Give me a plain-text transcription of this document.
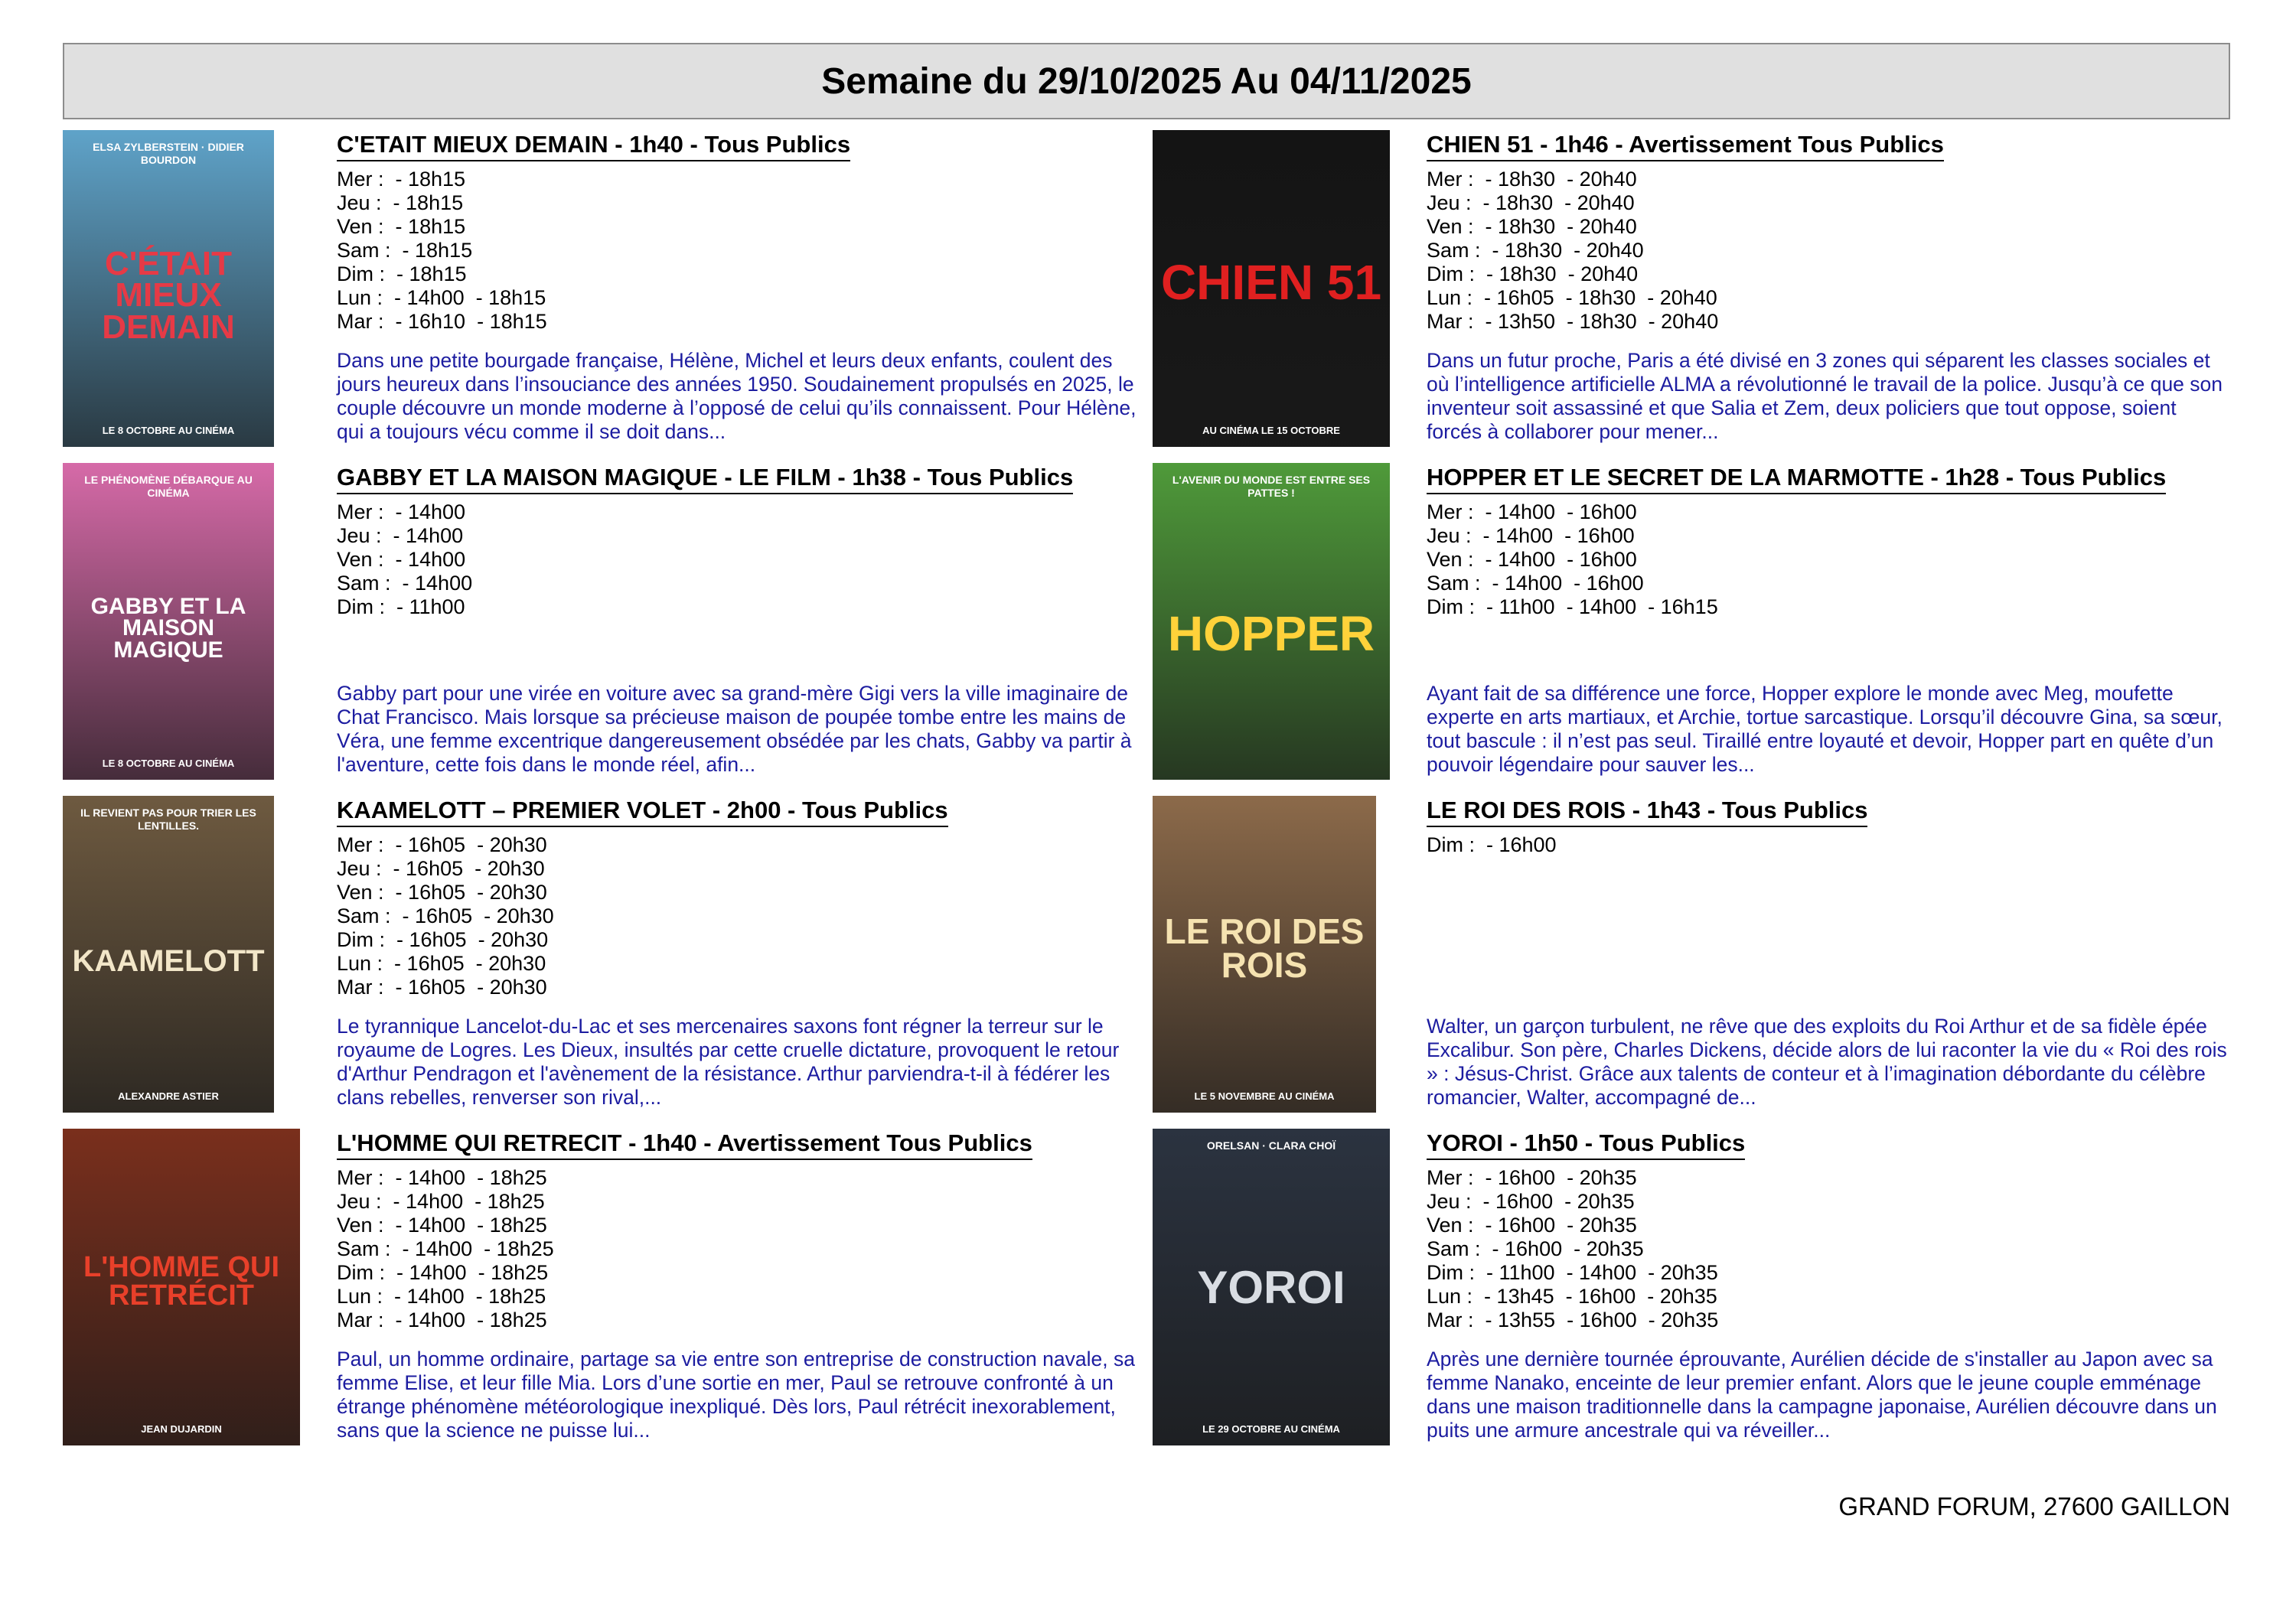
Semaine du 29/10/2025 Au 04/11/2025
ELSA ZYLBERSTEIN · DIDIER BOURDON
C'ÉTAIT MIEUX DEMAIN
LE 8 OCTOBRE AU CINÉMA
C'ETAIT MIEUX DEMAIN - 1h40 - Tous Publics
Mer :  - 18h15
Jeu :  - 18h15
Ven :  - 18h15
Sam :  - 18h15
Dim :  - 18h15
Lun :  - 14h00  - 18h15
Mar :  - 16h10  - 18h15
Dans une petite bourgade française, Hélène, Michel et leurs deux enfants, coulent des jours heureux dans l’insouciance des années 1950. Soudainement propulsés en 2025, le couple découvre un monde moderne à l’opposé de celui qu’ils connaissent. Pour Hélène, qui a toujours vécu comme il se doit dans...
CHIEN 51
AU CINÉMA LE 15 OCTOBRE
CHIEN 51 - 1h46 - Avertissement Tous Publics
Mer :  - 18h30  - 20h40
Jeu :  - 18h30  - 20h40
Ven :  - 18h30  - 20h40
Sam :  - 18h30  - 20h40
Dim :  - 18h30  - 20h40
Lun :  - 16h05  - 18h30  - 20h40
Mar :  - 13h50  - 18h30  - 20h40
Dans un futur proche, Paris a été divisé en 3 zones qui séparent les classes sociales et où l’intelligence artificielle ALMA a révolutionné le travail de la police. Jusqu’à ce que son inventeur soit assassiné et que Salia et Zem, deux policiers que tout oppose, soient forcés à collaborer pour mener...
LE PHÉNOMÈNE DÉBARQUE AU CINÉMA
GABBY ET LA MAISON MAGIQUE
LE 8 OCTOBRE AU CINÉMA
GABBY ET LA MAISON MAGIQUE - LE FILM - 1h38 - Tous Publics
Mer :  - 14h00
Jeu :  - 14h00
Ven :  - 14h00
Sam :  - 14h00
Dim :  - 11h00
Gabby part pour une virée en voiture avec sa grand-mère Gigi vers la ville imaginaire de Chat Francisco. Mais lorsque sa précieuse maison de poupée tombe entre les mains de Véra, une femme excentrique dangereusement obsédée par les chats, Gabby va partir à l'aventure, cette fois dans le monde réel, afin...
L'AVENIR DU MONDE EST ENTRE SES PATTES !
HOPPER
HOPPER ET LE SECRET DE LA MARMOTTE - 1h28 - Tous Publics
Mer :  - 14h00  - 16h00
Jeu :  - 14h00  - 16h00
Ven :  - 14h00  - 16h00
Sam :  - 14h00  - 16h00
Dim :  - 11h00  - 14h00  - 16h15
Ayant fait de sa différence une force, Hopper explore le monde avec Meg, moufette experte en arts martiaux, et Archie, tortue sarcastique. Lorsqu’il découvre Gina, sa sœur, tout bascule : il n’est pas seul. Tiraillé entre loyauté et devoir, Hopper part en quête d’un pouvoir légendaire pour sauver les...
IL REVIENT PAS POUR TRIER LES LENTILLES.
KAAMELOTT
ALEXANDRE ASTIER
KAAMELOTT – PREMIER VOLET - 2h00 - Tous Publics
Mer :  - 16h05  - 20h30
Jeu :  - 16h05  - 20h30
Ven :  - 16h05  - 20h30
Sam :  - 16h05  - 20h30
Dim :  - 16h05  - 20h30
Lun :  - 16h05  - 20h30
Mar :  - 16h05  - 20h30
Le tyrannique Lancelot-du-Lac et ses mercenaires saxons font régner la terreur sur le royaume de Logres. Les Dieux, insultés par cette cruelle dictature, provoquent le retour d'Arthur Pendragon et l'avènement de la résistance. Arthur parviendra-t-il à fédérer les clans rebelles, renverser son rival,...
LE ROI DES ROIS
LE 5 NOVEMBRE AU CINÉMA
LE ROI DES ROIS - 1h43 - Tous Publics
Dim :  - 16h00
Walter, un garçon turbulent, ne rêve que des exploits du Roi Arthur et de sa fidèle épée Excalibur. Son père, Charles Dickens, décide alors de lui raconter la vie du « Roi des rois » : Jésus-Christ. Grâce aux talents de conteur et à l’imagination débordante du célèbre romancier, Walter, accompagné de...
L'HOMME QUI RETRÉCIT
JEAN DUJARDIN
L'HOMME QUI RETRECIT - 1h40 - Avertissement Tous Publics
Mer :  - 14h00  - 18h25
Jeu :  - 14h00  - 18h25
Ven :  - 14h00  - 18h25
Sam :  - 14h00  - 18h25
Dim :  - 14h00  - 18h25
Lun :  - 14h00  - 18h25
Mar :  - 14h00  - 18h25
Paul, un homme ordinaire, partage sa vie entre son entreprise de construction navale, sa femme Elise, et leur fille Mia. Lors d’une sortie en mer, Paul se retrouve confronté à un étrange phénomène météorologique inexpliqué. Dès lors, Paul rétrécit inexorablement, sans que la science ne puisse lui...
ORELSAN · CLARA CHOÏ
YOROI
LE 29 OCTOBRE AU CINÉMA
YOROI - 1h50 - Tous Publics
Mer :  - 16h00  - 20h35
Jeu :  - 16h00  - 20h35
Ven :  - 16h00  - 20h35
Sam :  - 16h00  - 20h35
Dim :  - 11h00  - 14h00  - 20h35
Lun :  - 13h45  - 16h00  - 20h35
Mar :  - 13h55  - 16h00  - 20h35
Après une dernière tournée éprouvante, Aurélien décide de s'installer au Japon avec sa femme Nanako, enceinte de leur premier enfant. Alors que le jeune couple emménage dans une maison traditionnelle dans la campagne japonaise, Aurélien découvre dans un puits une armure ancestrale qui va réveiller...
GRAND FORUM, 27600 GAILLON
